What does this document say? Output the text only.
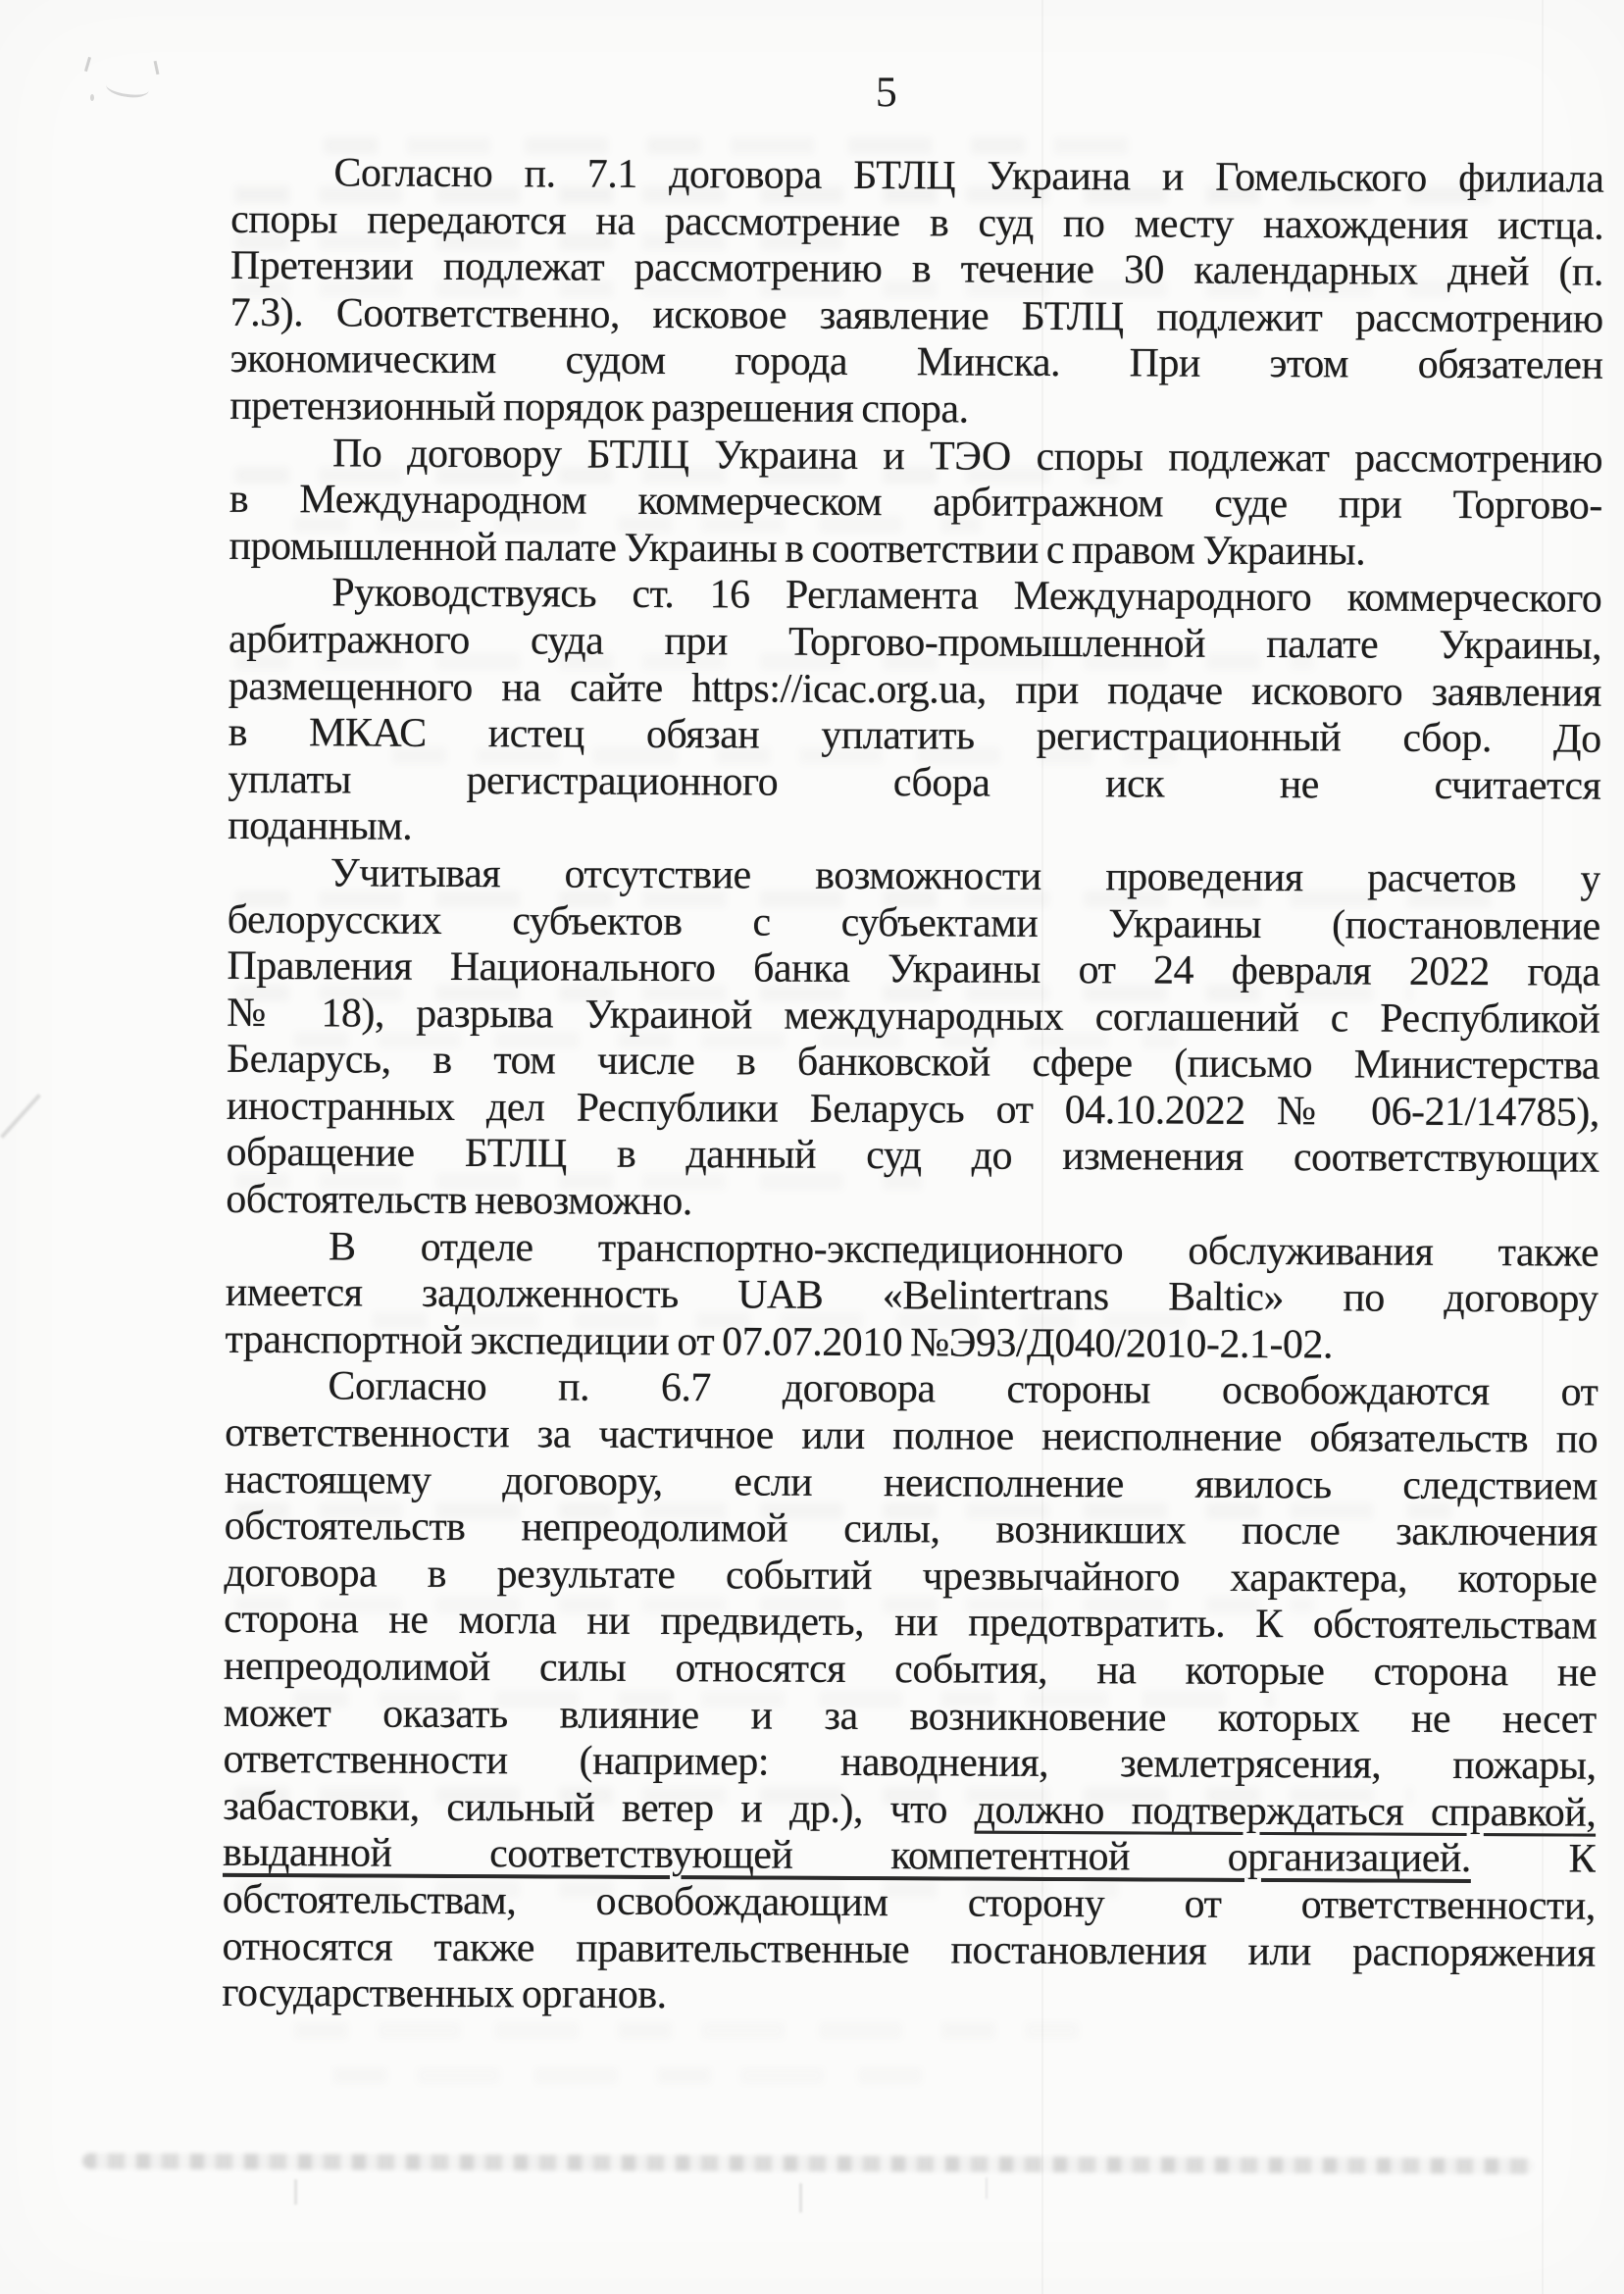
5
Согласно п. 7.1 договора БТЛЦ Украина и Гомельского филиала
споры передаются на рассмотрение в суд по месту нахождения истца.
Претензии подлежат рассмотрению в течение 30 календарных дней (п.
7.3). Соответственно, исковое заявление БТЛЦ подлежит рассмотрению
экономическим судом города Минска. При этом обязателен
претензионный порядок разрешения спора.
По договору БТЛЦ Украина и ТЭО споры подлежат рассмотрению
в Международном коммерческом арбитражном суде при Торгово-
промышленной палате Украины в соответствии с правом Украины.
Руководствуясь ст. 16 Регламента Международного коммерческого
арбитражного суда при Торгово-промышленной палате Украины,
размещенного на сайте https://icac.org.ua, при подаче искового заявления
в МКАС истец обязан уплатить регистрационный сбор. До
уплаты регистрационного сбора иск не считается
поданным.
Учитывая отсутствие возможности проведения расчетов у
белорусских субъектов с субъектами Украины (постановление
Правления Национального банка Украины от 24 февраля 2022 года
№ 18), разрыва Украиной международных соглашений с Республикой
Беларусь, в том числе в банковской сфере (письмо Министерства
иностранных дел Республики Беларусь от 04.10.2022 № 06-21/14785),
обращение БТЛЦ в данный суд до изменения соответствующих
обстоятельств невозможно.
В отделе транспортно-экспедиционного обслуживания также
имеется задолженность UAB «Belintertrans Baltic» по договору
транспортной экспедиции от 07.07.2010 №Э93/Д040/2010-2.1-02.
Согласно п. 6.7 договора стороны освобождаются от
ответственности за частичное или полное неисполнение обязательств по
настоящему договору, если неисполнение явилось следствием
обстоятельств непреодолимой силы, возникших после заключения
договора в результате событий чрезвычайного характера, которые
сторона не могла ни предвидеть, ни предотвратить. К обстоятельствам
непреодолимой силы относятся события, на которые сторона не
может оказать влияние и за возникновение которых не несет
ответственности (например: наводнения, землетрясения, пожары,
забастовки, сильный ветер и др.), что должно подтверждаться справкой,
выданной соответствующей компетентной организацией. К
обстоятельствам, освобождающим сторону от ответственности,
относятся также правительственные постановления или распоряжения
государственных органов.
